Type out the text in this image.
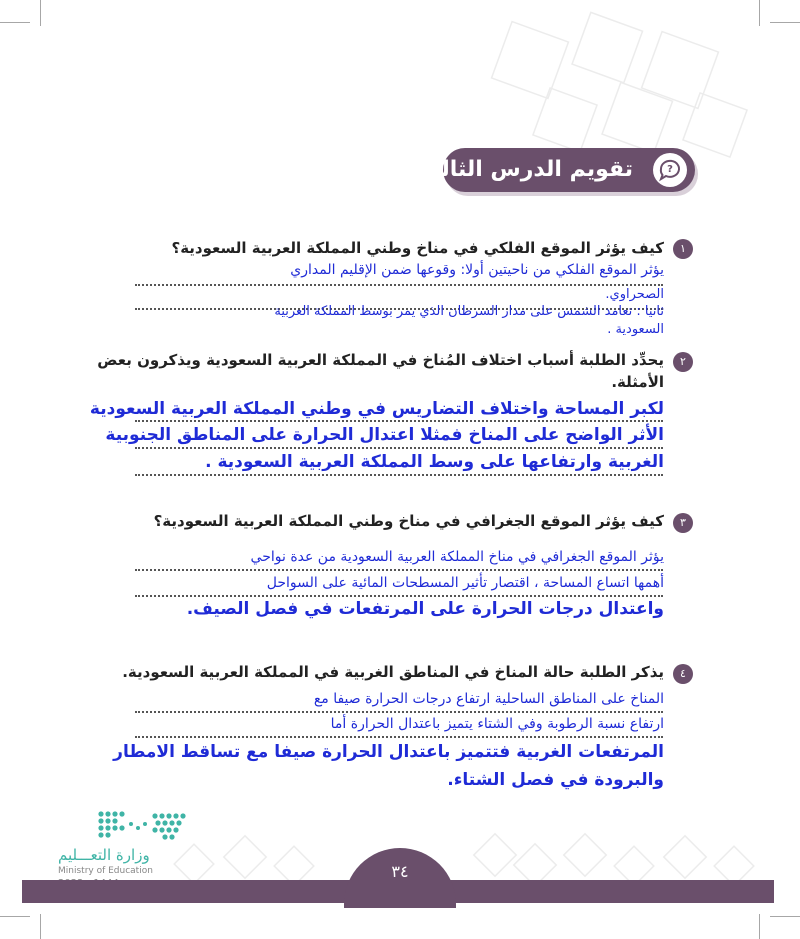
تقويم الدرس الثالث	?
١
كيف يؤثر الموقع الفلكي في مناخ وطني المملكة العربية السعودية؟
يؤثر الموقع الفلكي من ناحيتين أولا: وقوعها ضمن الإقليم المداري
الصحراوي.
ثانيا : تعامد الشمس على مدار السرطان الذي يمر بوسط المملكة العربية
السعودية .
٢
يحدِّد الطلبة أسباب اختلاف المُناخ في المملكة العربية السعودية ويذكرون بعض
الأمثلة.
لكبر المساحة واختلاف التضاريس في وطني المملكة العربية السعودية
الأثر الواضح على المناخ فمثلا اعتدال الحرارة على المناطق الجنوبية
الغربية وارتفاعها على وسط المملكة العربية السعودية .
٣
كيف يؤثر الموقع الجغرافي في مناخ وطني المملكة العربية السعودية؟
يؤثر الموقع الجغرافي في مناخ المملكة العربية السعودية من عدة نواحي
أهمها اتساع المساحة ، اقتصار تأثير المسطحات المائية على السواحل
واعتدال درجات الحرارة على المرتفعات في فصل الصيف.
٤
يذكر الطلبة حالة المناخ في المناطق الغربية في المملكة العربية السعودية.
المناخ على المناطق الساحلية ارتفاع درجات الحرارة صيفا مع
ارتفاع نسبة الرطوبة وفي الشتاء يتميز باعتدال الحرارة أما
المرتفعات الغربية فتتميز باعتدال الحرارة صيفا مع تساقط الامطار
والبرودة في فصل الشتاء.
وزارة التعـــليم
Ministry of Education	٣٤
